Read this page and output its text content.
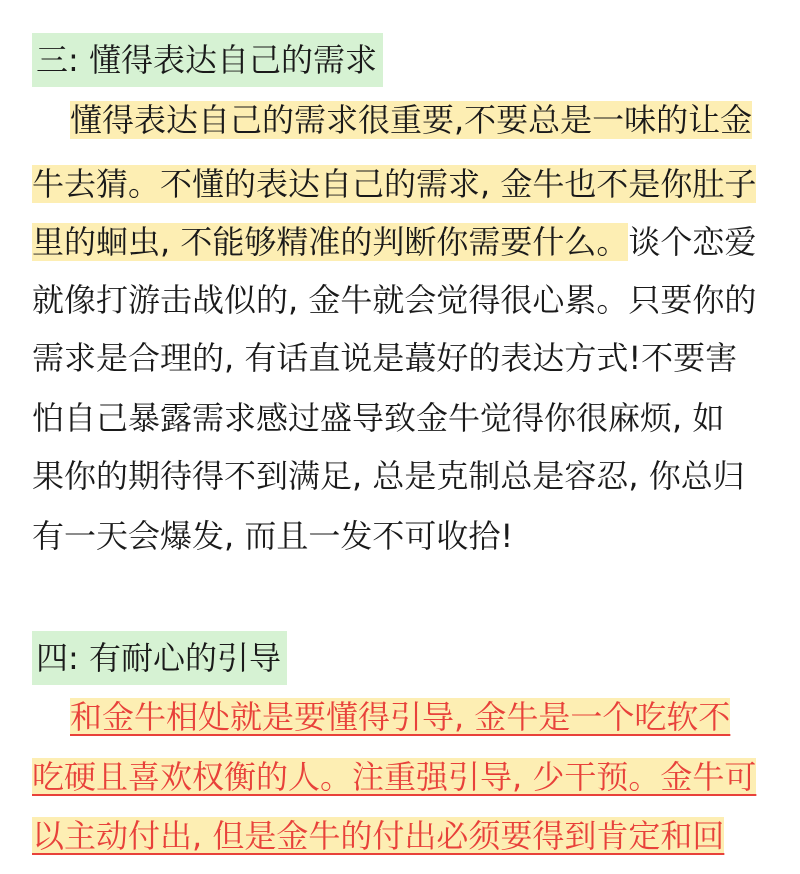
三: 懂得表达自己的需求
懂得表达自己的需求很重要,不要总是一味的让金
牛去猜。不懂的表达自己的需求, 金牛也不是你肚子
里的蛔虫, 不能够精准的判断你需要什么。谈个恋爱
就像打游击战似的, 金牛就会觉得很心累。只要你的
需求是合理的, 有话直说是蕞好的表达方式!不要害
怕自己暴露需求感过盛导致金牛觉得你很麻烦, 如
果你的期待得不到满足, 总是克制总是容忍, 你总归
有一天会爆发, 而且一发不可收拾!
四: 有耐心的引导
和金牛相处就是要懂得引导, 金牛是一个吃软不
吃硬且喜欢权衡的人。注重强引导, 少干预。金牛可
以主动付出, 但是金牛的付出必须要得到肯定和回
